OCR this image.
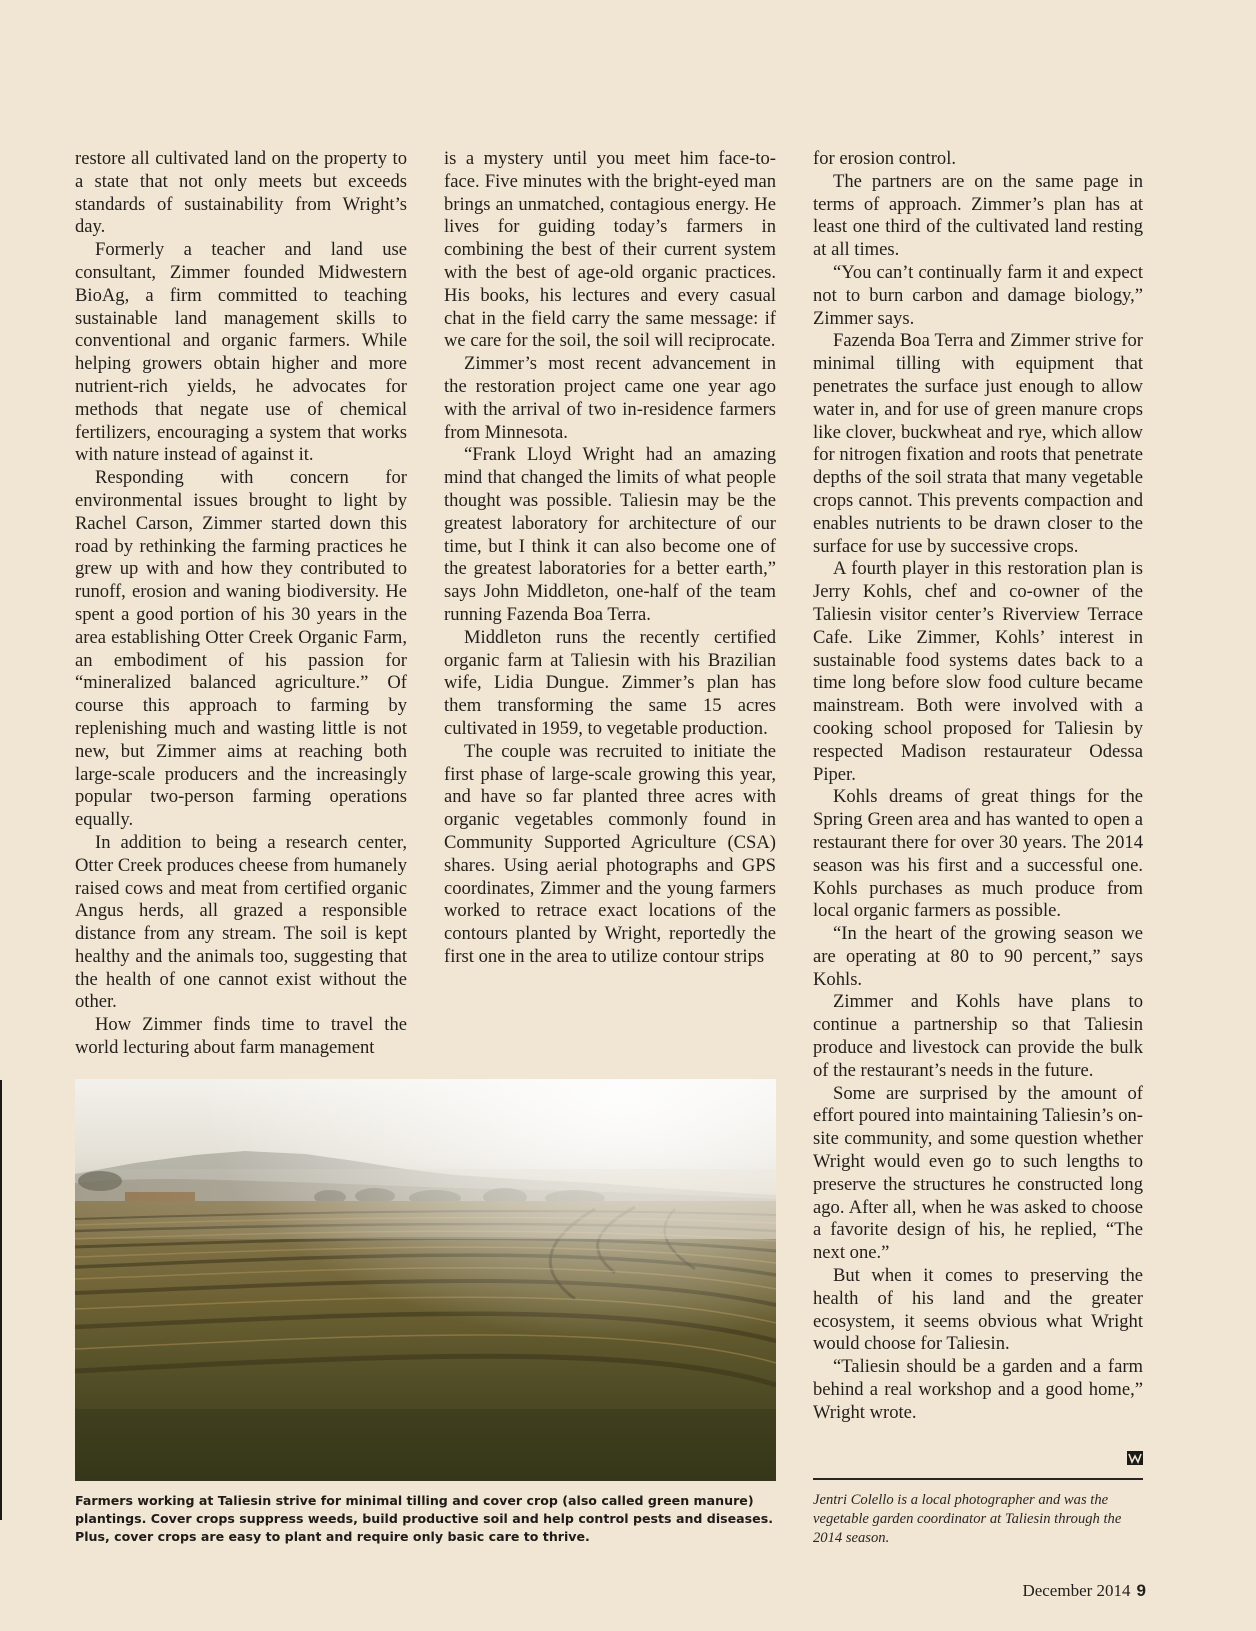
restore all cultivated land on the property to a state that not only meets but exceeds standards of sustainability from Wright’s day.

Formerly a teacher and land use consultant, Zimmer founded Midwestern BioAg, a firm committed to teaching sustainable land management skills to conventional and organic farmers. While helping growers obtain higher and more nutrient-rich yields, he advocates for methods that negate use of chemical fertilizers, encouraging a system that works with nature instead of against it.

Responding with concern for environmental issues brought to light by Rachel Carson, Zimmer started down this road by rethinking the farming practices he grew up with and how they contributed to runoff, erosion and waning biodiversity. He spent a good portion of his 30 years in the area establishing Otter Creek Organic Farm, an embodiment of his passion for “mineralized balanced agriculture.” Of course this approach to farming by replenishing much and wasting little is not new, but Zimmer aims at reaching both large-scale producers and the increasingly popular two-person farming operations equally.

In addition to being a research center, Otter Creek produces cheese from humanely raised cows and meat from certified organic Angus herds, all grazed a responsible distance from any stream. The soil is kept healthy and the animals too, suggesting that the health of one cannot exist without the other.

How Zimmer finds time to travel the world lecturing about farm management

is a mystery until you meet him face-to-face. Five minutes with the bright-eyed man brings an unmatched, contagious energy. He lives for guiding today’s farmers in combining the best of their current system with the best of age-old organic practices. His books, his lectures and every casual chat in the field carry the same message: if we care for the soil, the soil will reciprocate.

Zimmer’s most recent advancement in the restoration project came one year ago with the arrival of two in-residence farmers from Minnesota.

“Frank Lloyd Wright had an amazing mind that changed the limits of what people thought was possible. Taliesin may be the greatest laboratory for architecture of our time, but I think it can also become one of the greatest laboratories for a better earth,” says John Middleton, one-half of the team running Fazenda Boa Terra.

Middleton runs the recently certified organic farm at Taliesin with his Brazilian wife, Lidia Dungue. Zimmer’s plan has them transforming the same 15 acres cultivated in 1959, to vegetable production.

The couple was recruited to initiate the first phase of large-scale growing this year, and have so far planted three acres with organic vegetables commonly found in Community Supported Agriculture (CSA) shares. Using aerial photographs and GPS coordinates, Zimmer and the young farmers worked to retrace exact locations of the contours planted by Wright, reportedly the first one in the area to utilize contour strips

for erosion control.

The partners are on the same page in terms of approach. Zimmer’s plan has at least one third of the cultivated land resting at all times.

“You can’t continually farm it and expect not to burn carbon and damage biology,” Zimmer says.

Fazenda Boa Terra and Zimmer strive for minimal tilling with equipment that penetrates the surface just enough to allow water in, and for use of green manure crops like clover, buckwheat and rye, which allow for nitrogen fixation and roots that penetrate depths of the soil strata that many vegetable crops cannot. This prevents compaction and enables nutrients to be drawn closer to the surface for use by successive crops.

A fourth player in this restoration plan is Jerry Kohls, chef and co-owner of the Taliesin visitor center’s Riverview Terrace Cafe. Like Zimmer, Kohls’ interest in sustainable food systems dates back to a time long before slow food culture became mainstream. Both were involved with a cooking school proposed for Taliesin by respected Madison restaurateur Odessa Piper.

Kohls dreams of great things for the Spring Green area and has wanted to open a restaurant there for over 30 years. The 2014 season was his first and a successful one. Kohls purchases as much produce from local organic farmers as possible.

“In the heart of the growing season we are operating at 80 to 90 percent,” says Kohls.

Zimmer and Kohls have plans to continue a partnership so that Taliesin produce and livestock can provide the bulk of the restaurant’s needs in the future.

Some are surprised by the amount of effort poured into maintaining Taliesin’s on-site community, and some question whether Wright would even go to such lengths to preserve the structures he constructed long ago. After all, when he was asked to choose a favorite design of his, he replied, “The next one.”

But when it comes to preserving the health of his land and the greater ecosystem, it seems obvious what Wright would choose for Taliesin.

“Taliesin should be a garden and a farm behind a real workshop and a good home,” Wright wrote.

Farmers working at Taliesin strive for minimal tilling and cover crop (also called green manure) plantings. Cover crops suppress weeds, build productive soil and help control pests and diseases. Plus, cover crops are easy to plant and require only basic care to thrive.
Jentri Colello is a local photographer and was the vegetable garden coordinator at Taliesin through the 2014 season.
December 2014 9
